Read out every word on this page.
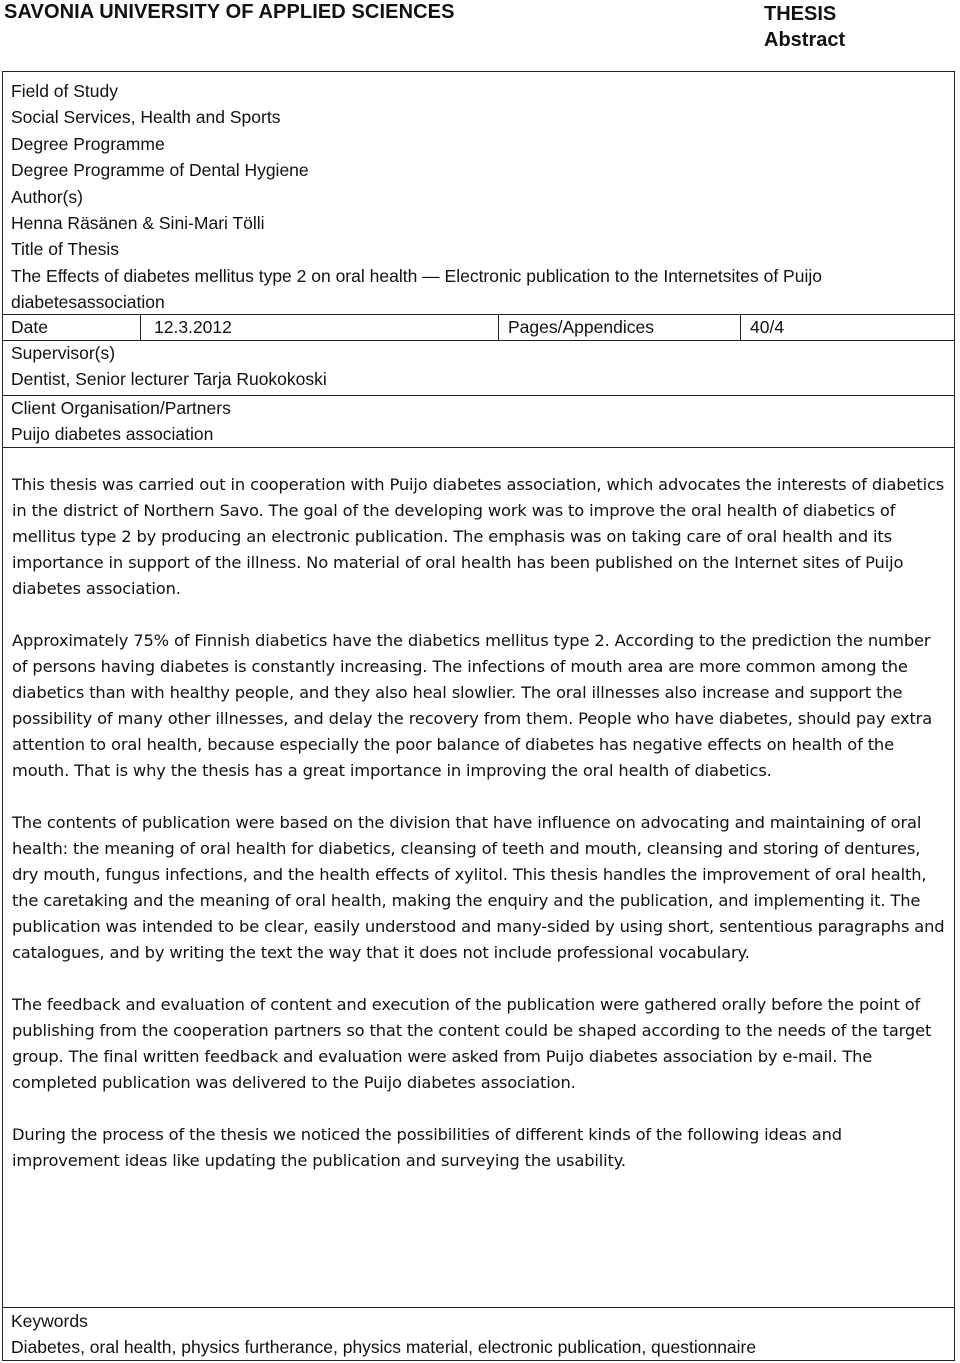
SAVONIA UNIVERSITY OF APPLIED SCIENCES	THESIS
Abstract
Field of Study
Social Services, Health and Sports
Degree Programme
Degree Programme of Dental Hygiene
Author(s)
Henna Räsänen & Sini-Mari Tölli
Title of Thesis
The Effects of diabetes mellitus type 2 on oral health — Electronic publication to the Internetsites of Puijo diabetesassociation
Date	12.3.2012	Pages/Appendices	40/4
Supervisor(s)
Dentist, Senior lecturer Tarja Ruokokoski
Client Organisation/Partners
Puijo diabetes association

This thesis was carried out in cooperation with Puijo diabetes association, which advocates the interests of diabetics in the district of Northern Savo. The goal of the developing work was to improve the oral health of diabetics of mellitus type 2 by producing an electronic publication. The emphasis was on taking care of oral health and its importance in support of the illness. No material of oral health has been published on the Internet sites of Puijo diabetes association.

Approximately 75% of Finnish diabetics have the diabetics mellitus type 2. According to the prediction the number of persons having diabetes is constantly increasing. The infections of mouth area are more common among the diabetics than with healthy people, and they also heal slowlier. The oral illnesses also increase and support the possibility of many other illnesses, and delay the recovery from them. People who have diabetes, should pay extra attention to oral health, because especially the poor balance of diabetes has negative effects on health of the mouth. That is why the thesis has a great importance in improving the oral health of diabetics.

The contents of publication were based on the division that have influence on advocating and maintaining of oral health: the meaning of oral health for diabetics, cleansing of teeth and mouth, cleansing and storing of dentures, dry mouth, fungus infections, and the health effects of xylitol. This thesis handles the improvement of oral health, the caretaking and the meaning of oral health, making the enquiry and the publication, and implementing it. The publication was intended to be clear, easily understood and many-sided by using short, sententious paragraphs and catalogues, and by writing the text the way that it does not include professional vocabulary.

The feedback and evaluation of content and execution of the publication were gathered orally before the point of publishing from the cooperation partners so that the content could be shaped according to the needs of the target group. The final written feedback and evaluation were asked from Puijo diabetes association by e-mail. The completed publication was delivered to the Puijo diabetes association.

During the process of the thesis we noticed the possibilities of different kinds of the following ideas and improvement ideas like updating the publication and surveying the usability.

Keywords
Diabetes, oral health, physics furtherance, physics material, electronic publication, questionnaire
